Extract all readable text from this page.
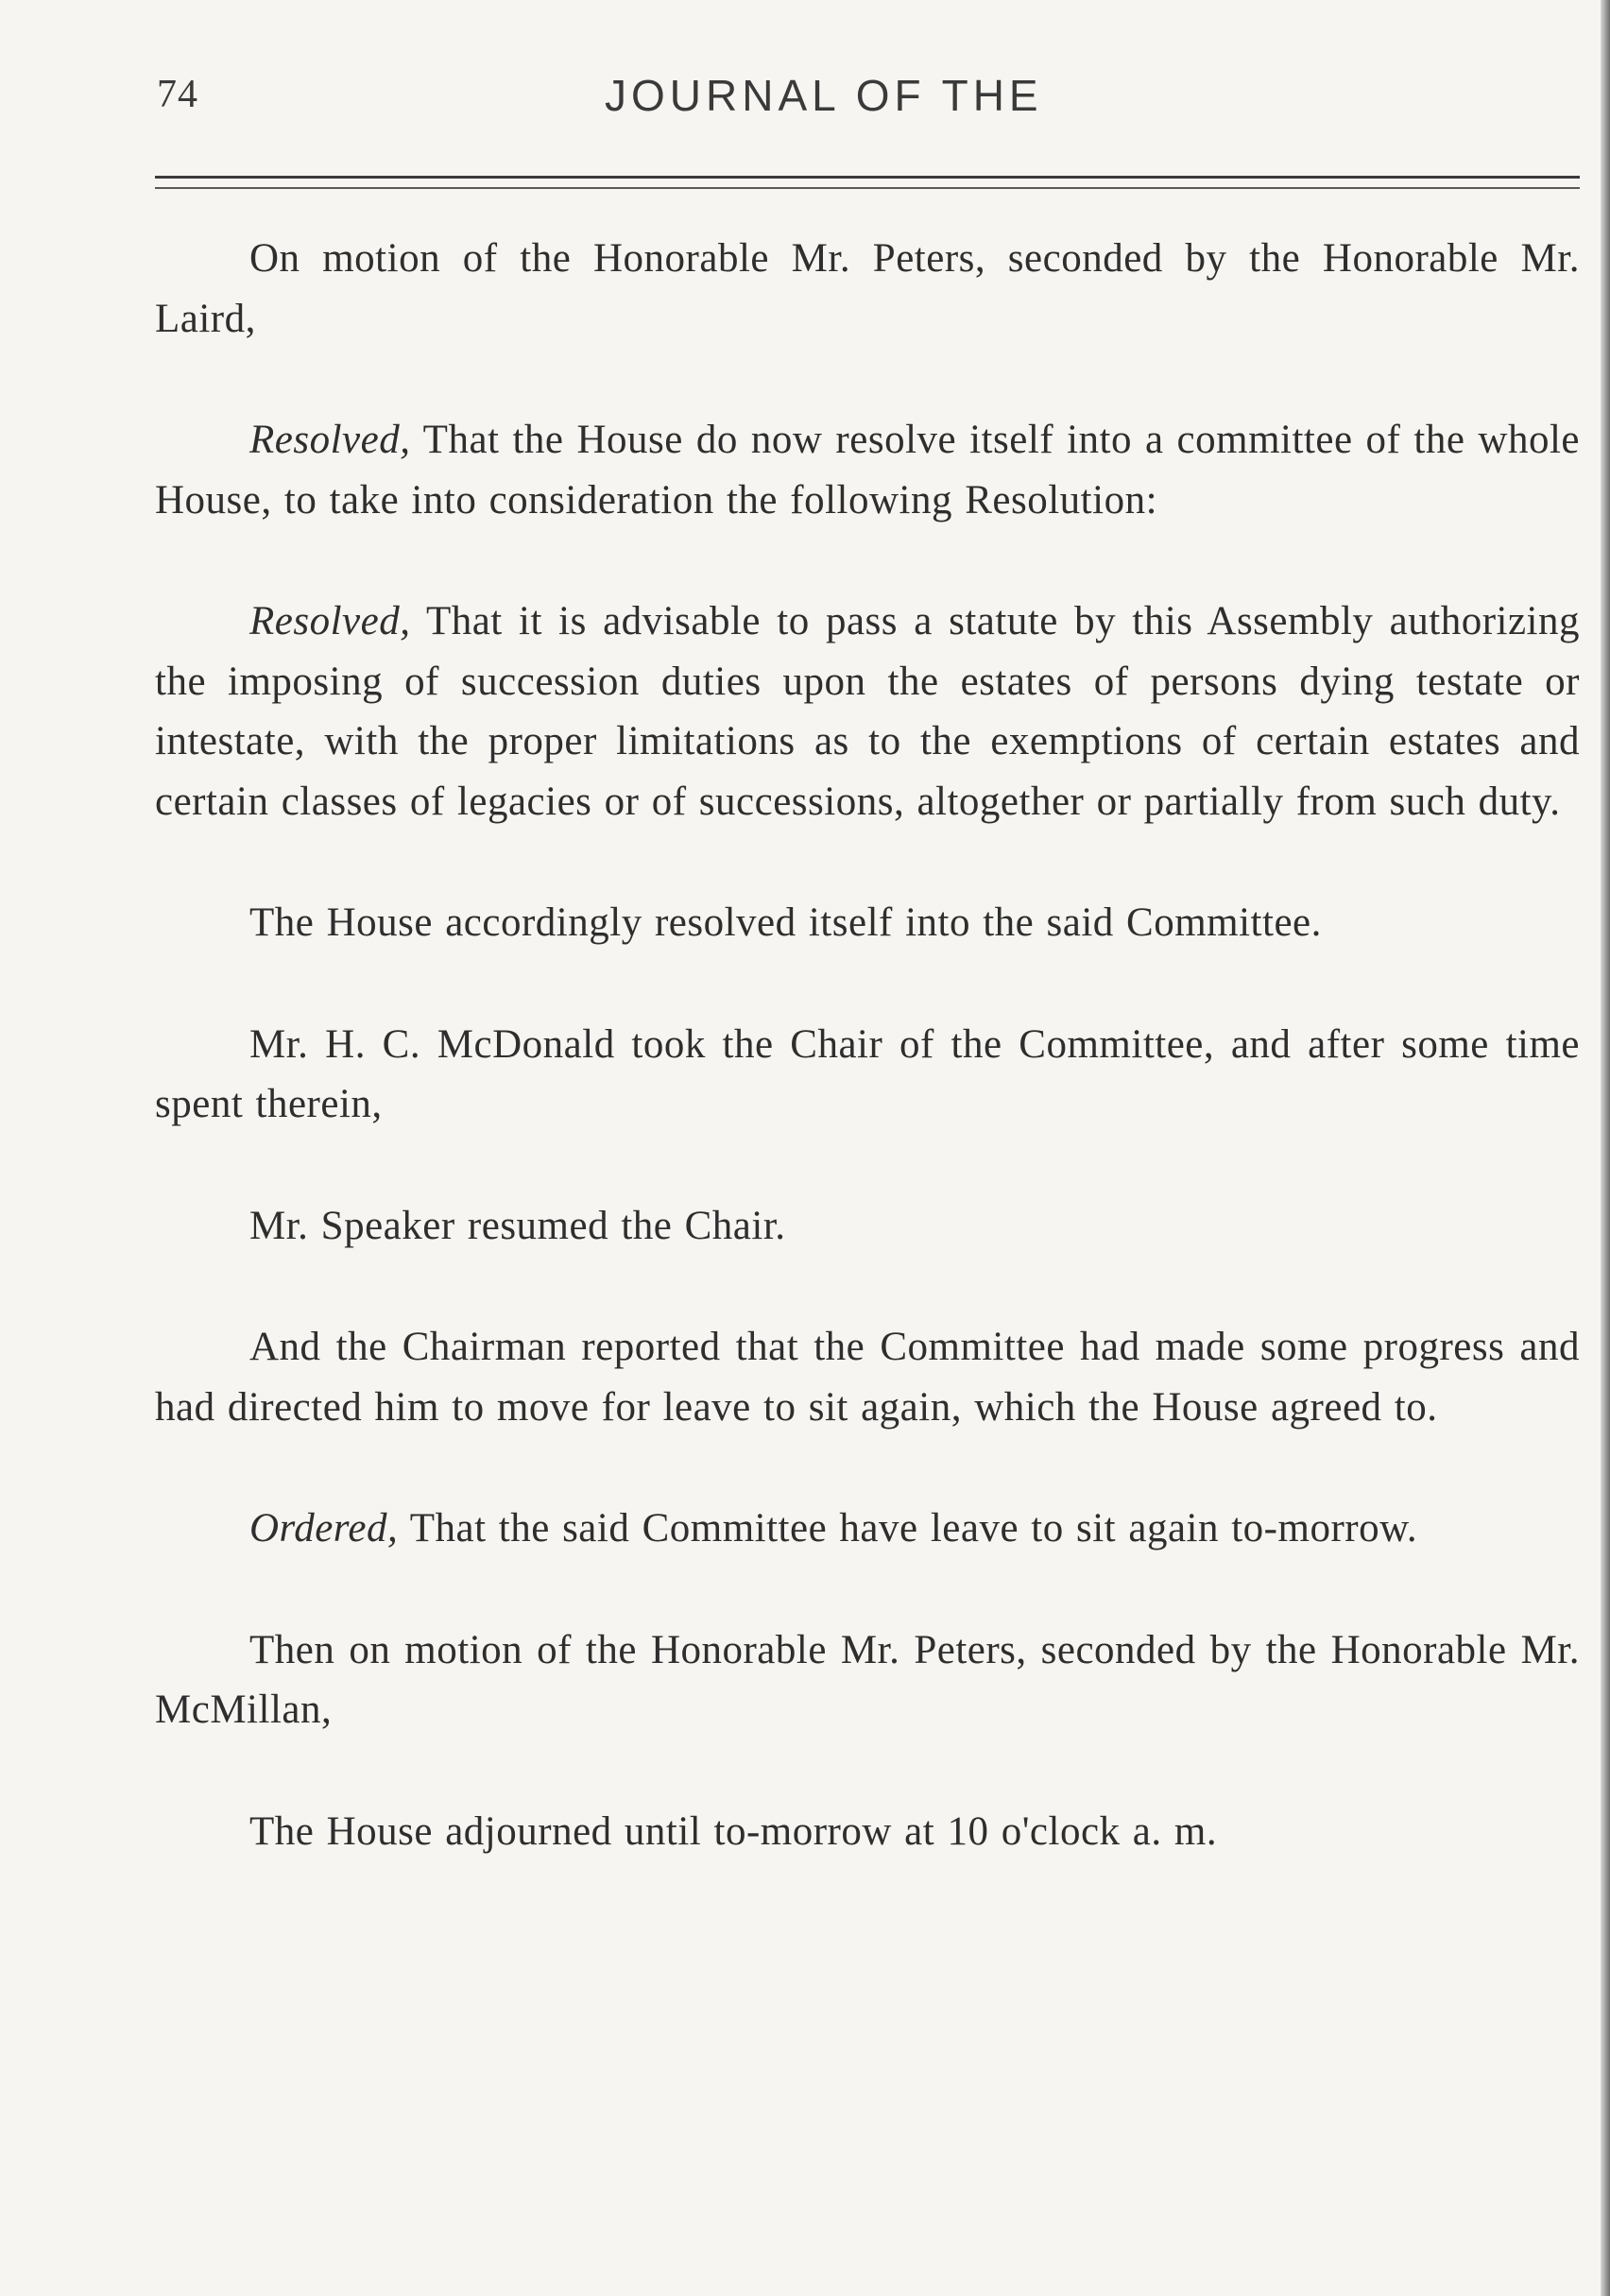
74	JOURNAL OF THE

On motion of the Honorable Mr. Peters, seconded by the Honorable Mr. Laird,

Resolved, That the House do now resolve itself into a committee of the whole House, to take into consideration the following Resolution:

Resolved, That it is advisable to pass a statute by this Assembly authorizing the imposing of succession duties upon the estates of persons dying testate or intestate, with the proper limitations as to the exemptions of certain estates and certain classes of legacies or of successions, altogether or partially from such duty.

The House accordingly resolved itself into the said Committee.

Mr. H. C. McDonald took the Chair of the Committee, and after some time spent therein,

Mr. Speaker resumed the Chair.

And the Chairman reported that the Committee had made some progress and had directed him to move for leave to sit again, which the House agreed to.

Ordered, That the said Committee have leave to sit again to-morrow.

Then on motion of the Honorable Mr. Peters, seconded by the Honorable Mr. McMillan,

The House adjourned until to-morrow at 10 o'clock a. m.
